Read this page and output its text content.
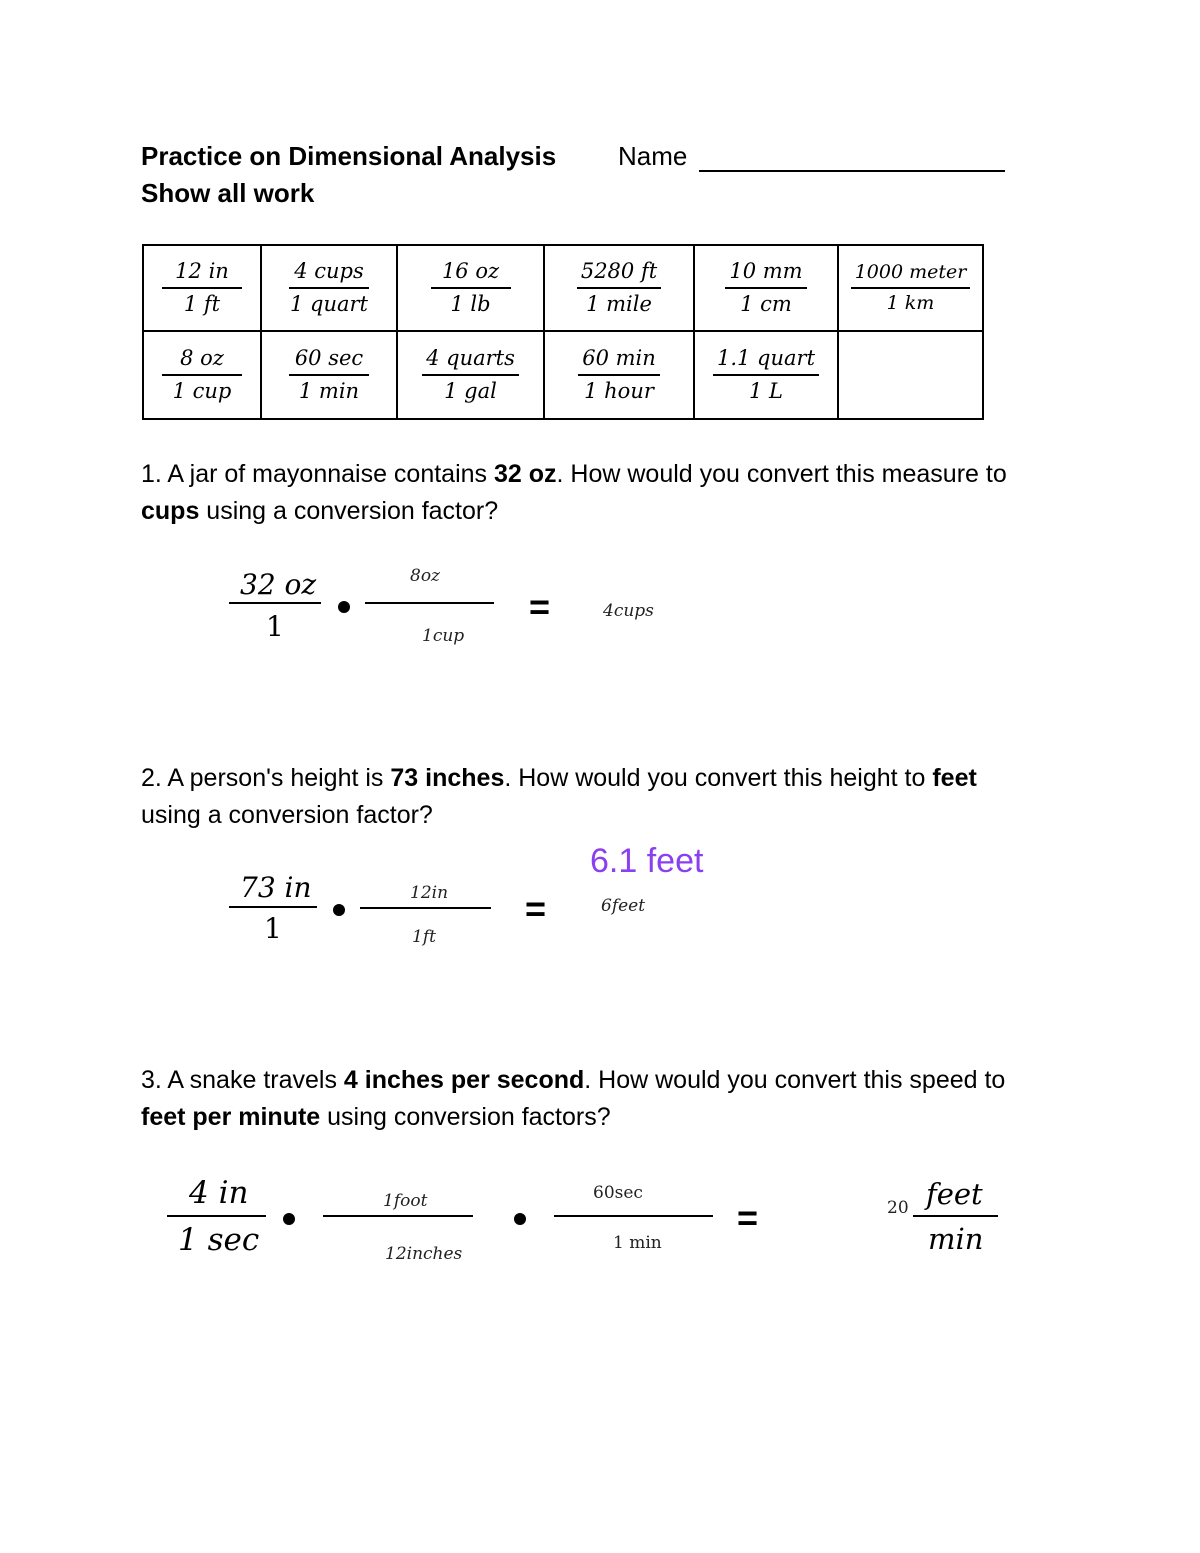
Practice on Dimensional Analysis Name
Show all work
$\frac{12 in}{1 ft}$	$\frac{\text{4 cups}}{\text{1 quart}}$	$\frac{16 oz}{1 lb}$	$\frac{5280 ft}{\text{1 mile}}$	$\frac{10 mm}{1 cm}$	$\frac{\text{1000 meter}}{1 km}$

$\frac{8 oz}{\text{1 cup}}$	$\frac{60 \sec}{1 \min}$	$\frac{\text{4 quarts}}{\text{1 gal}}$	$\frac{60 \min}{\text{1 hour}}$	$\frac{\text{1.1 quart}}{1 L}$

1. A jar of mayonnaise contains 32 oz. How would you convert this measure to cups using a conversion factor?
32 oz
1
8oz
1cup
=	4cups
2. A person's height is 73 inches. How would you convert this height to feet using a conversion factor?
6.1 feet
73 in
1
12in
1ft
=	6feet
3. A snake travels 4 inches per second. How would you convert this speed to feet per minute using conversion factors?
4 in
1 sec
1foot
12inches
60sec
1 min
=	20 feet
min
